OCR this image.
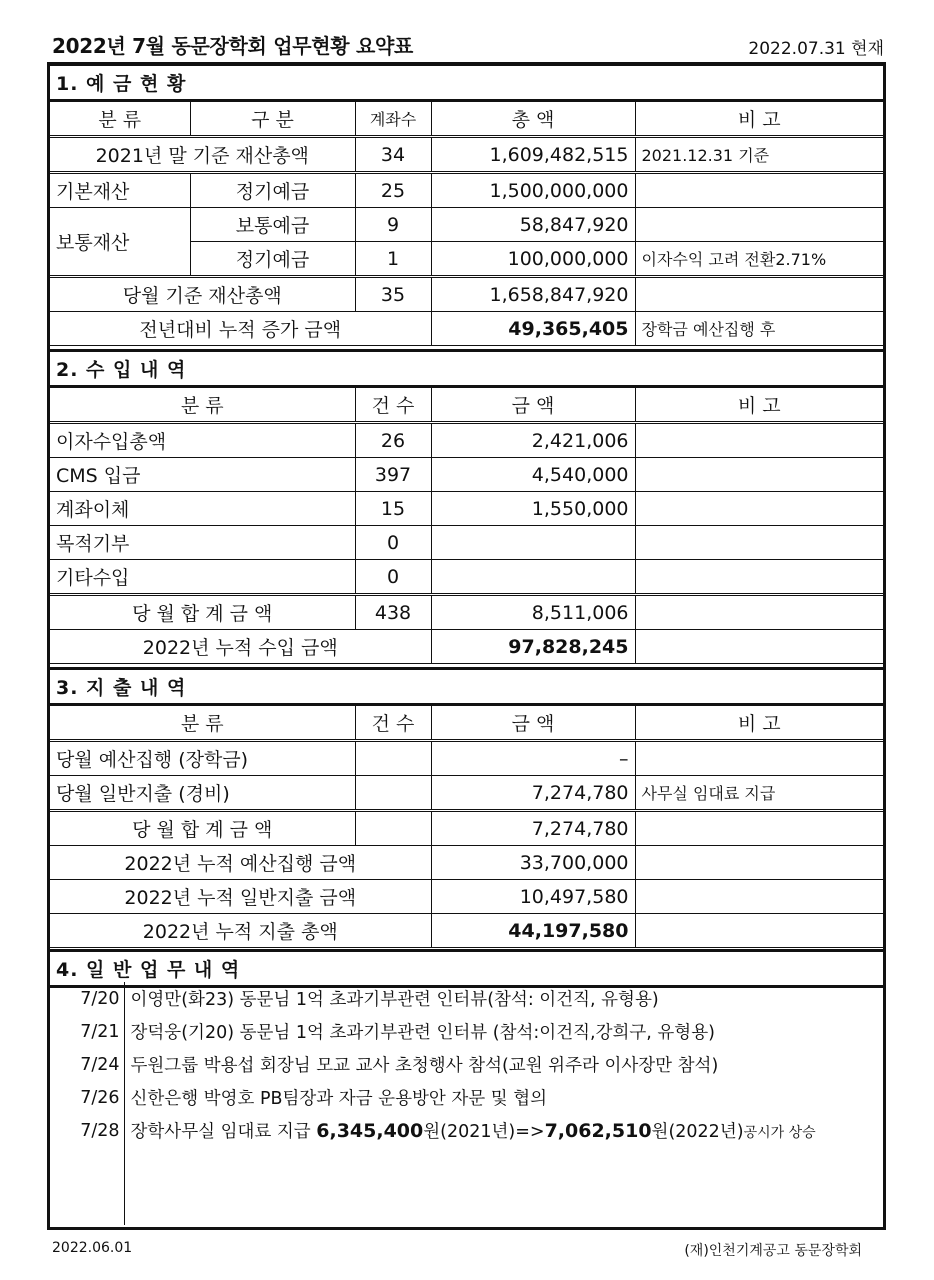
2022년 7월 동문장학회 업무현황 요약표	2022.07.31 현재
1. 예 금 현 황				
분 류	구 분	계좌수	총 액	비 고
2021년 말 기준 재산총액		34	1,609,482,515	2021.12.31 기준
기본재산	정기예금	25	1,500,000,000	
보통재산	보통예금	9	58,847,920	
	정기예금	1	100,000,000	이자수익 고려 전환2.71%
당월 기준 재산총액		35	1,658,847,920	
전년대비 누적 증가 금액			49,365,405	장학금 예산집행 후
2. 수 입 내 역			
분 류	건 수	금 액	비 고
이자수입총액	26	2,421,006	
CMS 입금	397	4,540,000	
계좌이체	15	1,550,000	
목적기부	0		
기타수입	0		
당 월 합 계 금 액	438	8,511,006	
2022년 누적 수입 금액		97,828,245	
3. 지 출 내 역			
분 류	건 수	금 액	비 고
당월 예산집행 (장학금)		–	
당월 일반지출 (경비)		7,274,780	사무실 임대료 지급
당 월 합 계 금 액		7,274,780	
2022년 누적 예산집행 금액		33,700,000	
2022년 누적 일반지출 금액		10,497,580	
2022년 누적 지출 총액		44,197,580	
4. 일 반 업 무 내 역
7/20	이영만(화23) 동문님 1억 초과기부관련 인터뷰(참석: 이건직, 유형용)
7/21	장덕웅(기20) 동문님 1억 초과기부관련 인터뷰 (참석:이건직,강희구, 유형용)
7/24	두원그룹 박용섭 회장님 모교 교사 초청행사 참석(교원 위주라 이사장만 참석)
7/26	신한은행 박영호 PB팀장과 자금 운용방안 자문 및 협의
7/28	장학사무실 임대료 지급 6,345,400원(2021년)=>7,062,510원(2022년)공시가 상승

2022.06.01	(재)인천기계공고 동문장학회
